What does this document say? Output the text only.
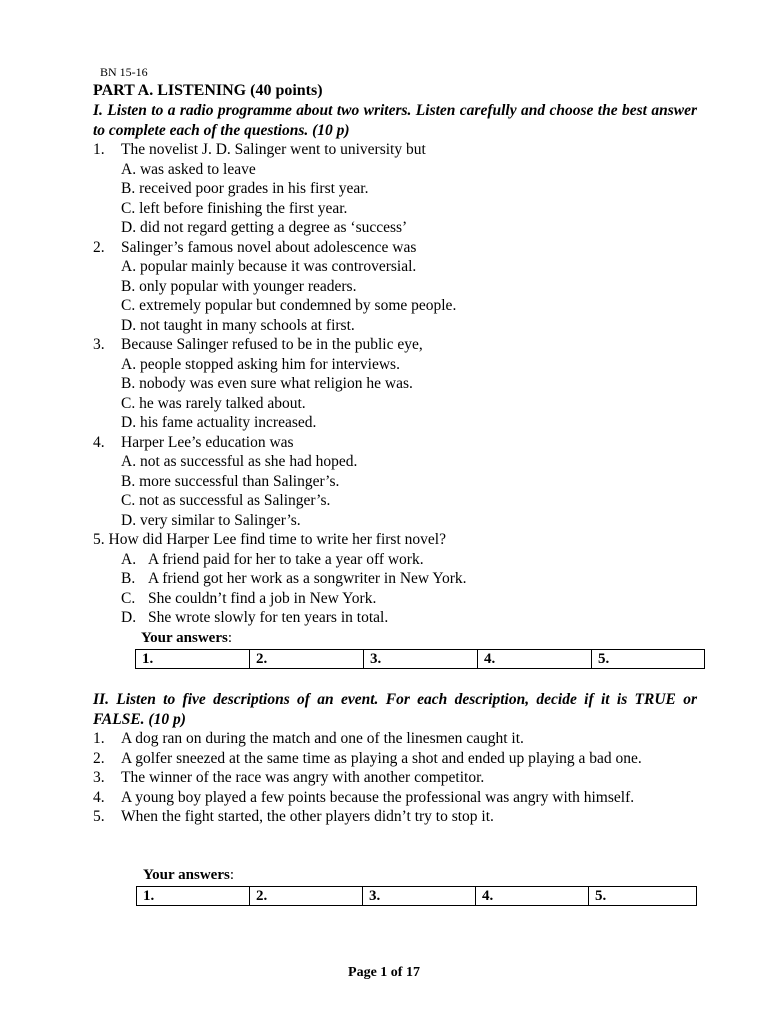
BN 15-16
PART A. LISTENING (40 points)
I. Listen to a radio programme about two writers. Listen carefully and choose the best answer to complete each of the questions. (10 p)
1. The novelist J. D. Salinger went to university but
A. was asked to leave
B. received poor grades in his first year.
C. left before finishing the first year.
D. did not regard getting a degree as ‘success’
2. Salinger’s famous novel about adolescence was
A. popular mainly because it was controversial.
B. only popular with younger readers.
C. extremely popular but condemned by some people.
D. not taught in many schools at first.
3. Because Salinger refused to be in the public eye,
A. people stopped asking him for interviews.
B. nobody was even sure what religion he was.
C. he was rarely talked about.
D. his fame actuality increased.
4. Harper Lee’s education was
A. not as successful as she had hoped.
B. more successful than Salinger’s.
C. not as successful as Salinger’s.
D. very similar to Salinger’s.
5. How did Harper Lee find time to write her first novel?
A. A friend paid for her to take a year off work.
B. A friend got her work as a songwriter in New York.
C. She couldn’t find a job in New York.
D. She wrote slowly for ten years in total.
Your answers:
1.	2.	3.	4.	5.
II. Listen to five descriptions of an event. For each description, decide if it is TRUE or FALSE. (10 p)
1. A dog ran on during the match and one of the linesmen caught it.
2. A golfer sneezed at the same time as playing a shot and ended up playing a bad one.
3. The winner of the race was angry with another competitor.
4. A young boy played a few points because the professional was angry with himself.
5. When the fight started, the other players didn’t try to stop it.
Your answers:
1.	2.	3.	4.	5.
Page 1 of 17
